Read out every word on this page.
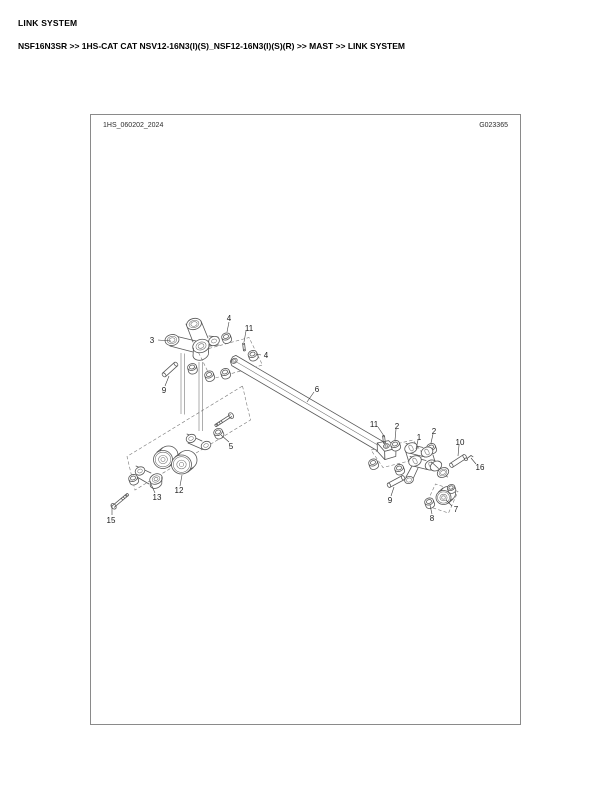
LINK SYSTEM
NSF16N3SR >> 1HS-CAT CAT NSV12-16N3(I)(S)_NSF12-16N3(I)(S)(R) >> MAST >> LINK SYSTEM
1HS_060202_2024	G023365
3
4
11
4
9	6
5
12
13
15
11 2
1
2
10
16
9
8
7
